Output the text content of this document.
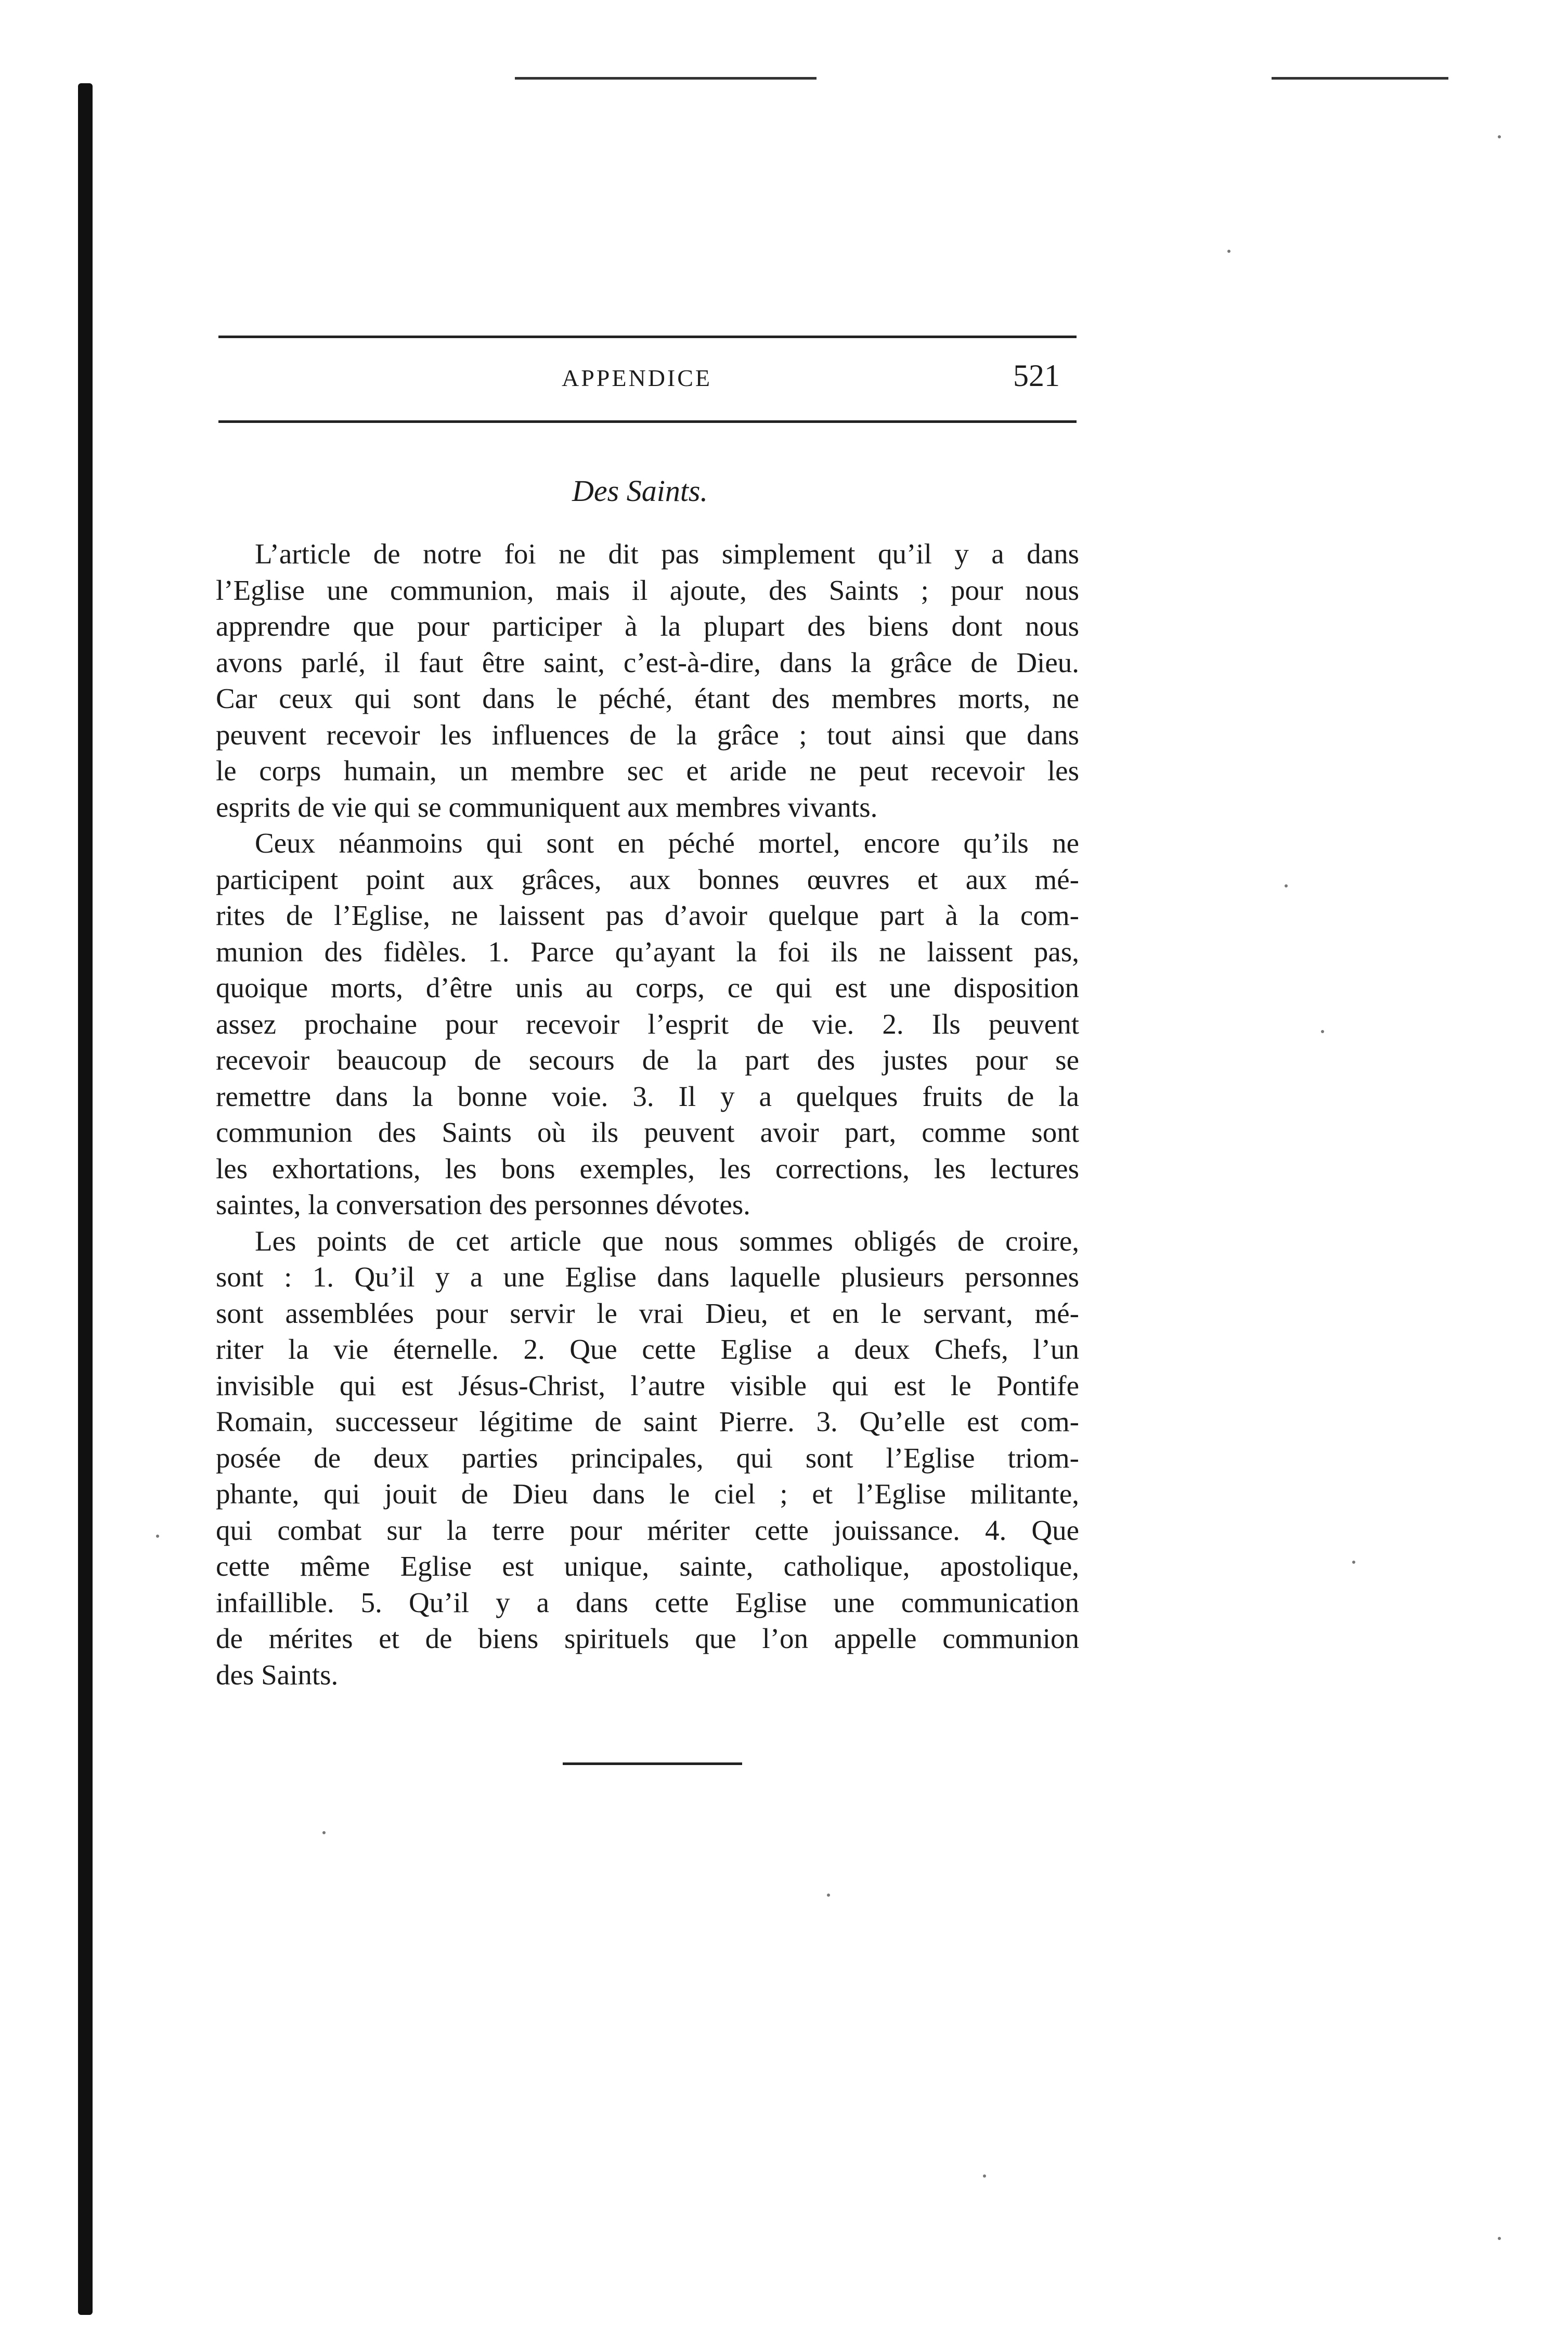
APPENDICE	521
Des Saints.
L’article de notre foi ne dit pas simplement qu’il y a dans
l’Eglise une communion, mais il ajoute, des Saints ; pour nous
apprendre que pour participer à la plupart des biens dont nous
avons parlé, il faut être saint, c’est-à-dire, dans la grâce de Dieu.
Car ceux qui sont dans le péché, étant des membres morts, ne
peuvent recevoir les influences de la grâce ; tout ainsi que dans
le corps humain, un membre sec et aride ne peut recevoir les
esprits de vie qui se communiquent aux membres vivants.
Ceux néanmoins qui sont en péché mortel, encore qu’ils ne
participent point aux grâces, aux bonnes œuvres et aux mé-
rites de l’Eglise, ne laissent pas d’avoir quelque part à la com-
munion des fidèles. 1. Parce qu’ayant la foi ils ne laissent pas,
quoique morts, d’être unis au corps, ce qui est une disposition
assez prochaine pour recevoir l’esprit de vie. 2. Ils peuvent
recevoir beaucoup de secours de la part des justes pour se
remettre dans la bonne voie. 3. Il y a quelques fruits de la
communion des Saints où ils peuvent avoir part, comme sont
les exhortations, les bons exemples, les corrections, les lectures
saintes, la conversation des personnes dévotes.
Les points de cet article que nous sommes obligés de croire,
sont : 1. Qu’il y a une Eglise dans laquelle plusieurs personnes
sont assemblées pour servir le vrai Dieu, et en le servant, mé-
riter la vie éternelle. 2. Que cette Eglise a deux Chefs, l’un
invisible qui est Jésus-Christ, l’autre visible qui est le Pontife
Romain, successeur légitime de saint Pierre. 3. Qu’elle est com-
posée de deux parties principales, qui sont l’Eglise triom-
phante, qui jouit de Dieu dans le ciel ; et l’Eglise militante,
qui combat sur la terre pour mériter cette jouissance. 4. Que
cette même Eglise est unique, sainte, catholique, apostolique,
infaillible. 5. Qu’il y a dans cette Eglise une communication
de mérites et de biens spirituels que l’on appelle communion
des Saints.
